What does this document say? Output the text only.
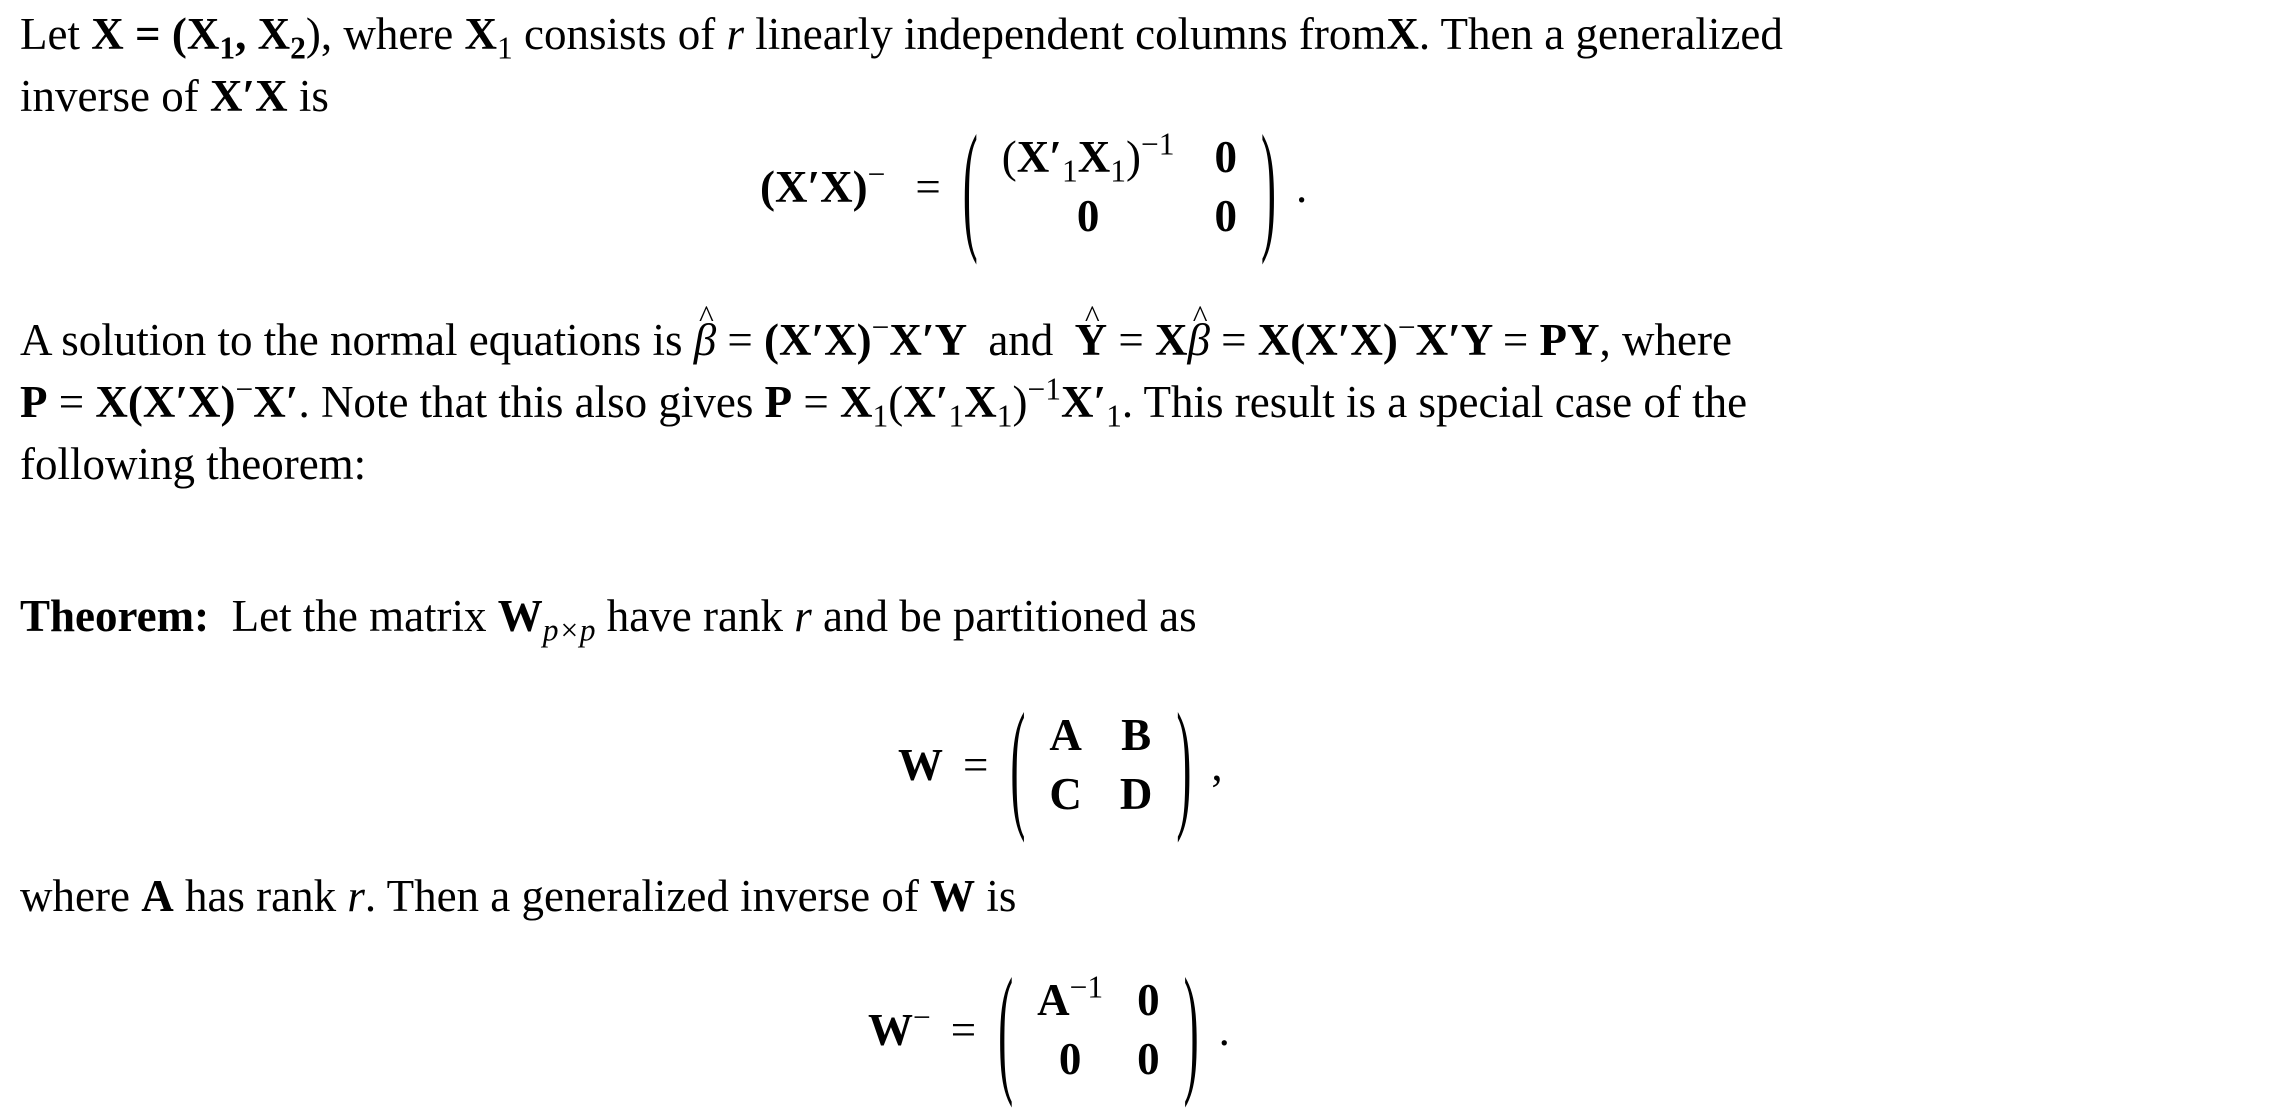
Let $X = (X_1$, $X_2$), where $X_1$ consists of r linearly independent columns fromX. Then a generalized
inverse of X′X is
(X′X)− = ( $(X'_1X_1)^{-1}$ 0
0	0 ) .
A solution to the normal equations is ^ β = (X′X)−X′Y and ^ Y = X^ β = X(X′X)−X′Y = PY, where
P = X(X′X)−X′. Note that this also gives $P = X_1(X'_1X_1)^{-1}X'_1$. This result is a special case of the
following theorem:
Theorem: Let the matrix $W_{p\times p}$ have rank r and be partitioned as
W = ( A B
C D ) ,
where A has rank r. Then a generalized inverse of W is
W− = ( $A^{-1}$ 0
0	0 ) .
